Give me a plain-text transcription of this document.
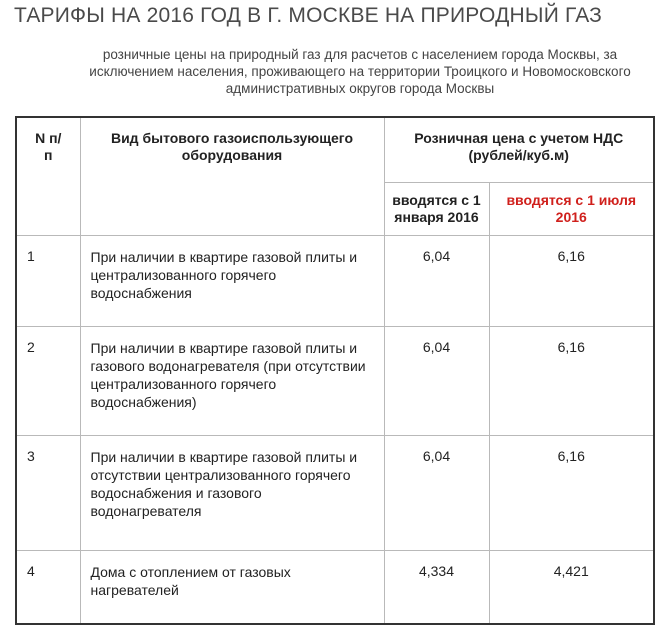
ТАРИФЫ НА 2016 ГОД В Г. МОСКВЕ НА ПРИРОДНЫЙ ГАЗ
розничные цены на природный газ для расчетов с населением города Москвы, за исключением населения, проживающего на территории Троицкого и Новомосковского административных округов города Москвы
N п/п	Вид бытового газоиспользующего оборудования	Розничная цена с учетом НДС (рублей/куб.м)	
		вводятся с 1 января 2016	вводятся с 1 июля 2016
1	При наличии в квартире газовой плиты и централизованного горячего водоснабжения	6,04	6,16
2	При наличии в квартире газовой плиты и газового водонагревателя (при отсутствии централизованного горячего водоснабжения)	6,04	6,16
3	При наличии в квартире газовой плиты и отсутствии централизованного горячего водоснабжения и газового водонагревателя	6,04	6,16
4	Дома с отоплением от газовых нагревателей	4,334	4,421
